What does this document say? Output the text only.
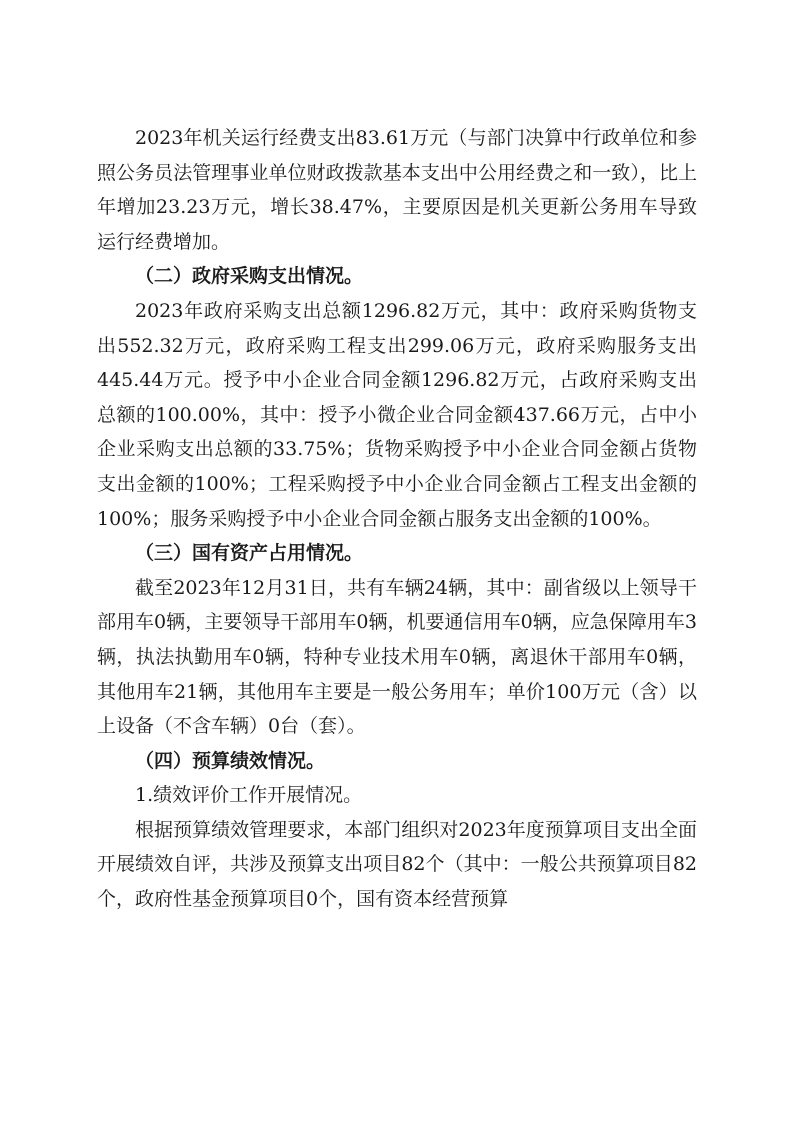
2023年机关运行经费支出83.61万元（与部门决算中行政单位和参照公务员法管理事业单位财政拨款基本支出中公用经费之和一致），比上年增加23.23万元，增长38.47%，主要原因是机关更新公务用车导致运行经费增加。

（二）政府采购支出情况。

2023年政府采购支出总额1296.82万元，其中：政府采购货物支出552.32万元，政府采购工程支出299.06万元，政府采购服务支出445.44万元。授予中小企业合同金额1296.82万元，占政府采购支出总额的100.00%，其中：授予小微企业合同金额437.66万元，占中小企业采购支出总额的33.75%；货物采购授予中小企业合同金额占货物支出金额的100%；工程采购授予中小企业合同金额占工程支出金额的100%；服务采购授予中小企业合同金额占服务支出金额的100%。

（三）国有资产占用情况。

截至2023年12月31日，共有车辆24辆，其中：副省级以上领导干部用车0辆，主要领导干部用车0辆，机要通信用车0辆，应急保障用车3辆，执法执勤用车0辆，特种专业技术用车0辆，离退休干部用车0辆，其他用车21辆，其他用车主要是一般公务用车；单价100万元（含）以上设备（不含车辆）0台（套）。

（四）预算绩效情况。

1.绩效评价工作开展情况。

根据预算绩效管理要求，本部门组织对2023年度预算项目支出全面开展绩效自评，共涉及预算支出项目82个（其中：一般公共预算项目82个，政府性基金预算项目0个，国有资本经营预算
